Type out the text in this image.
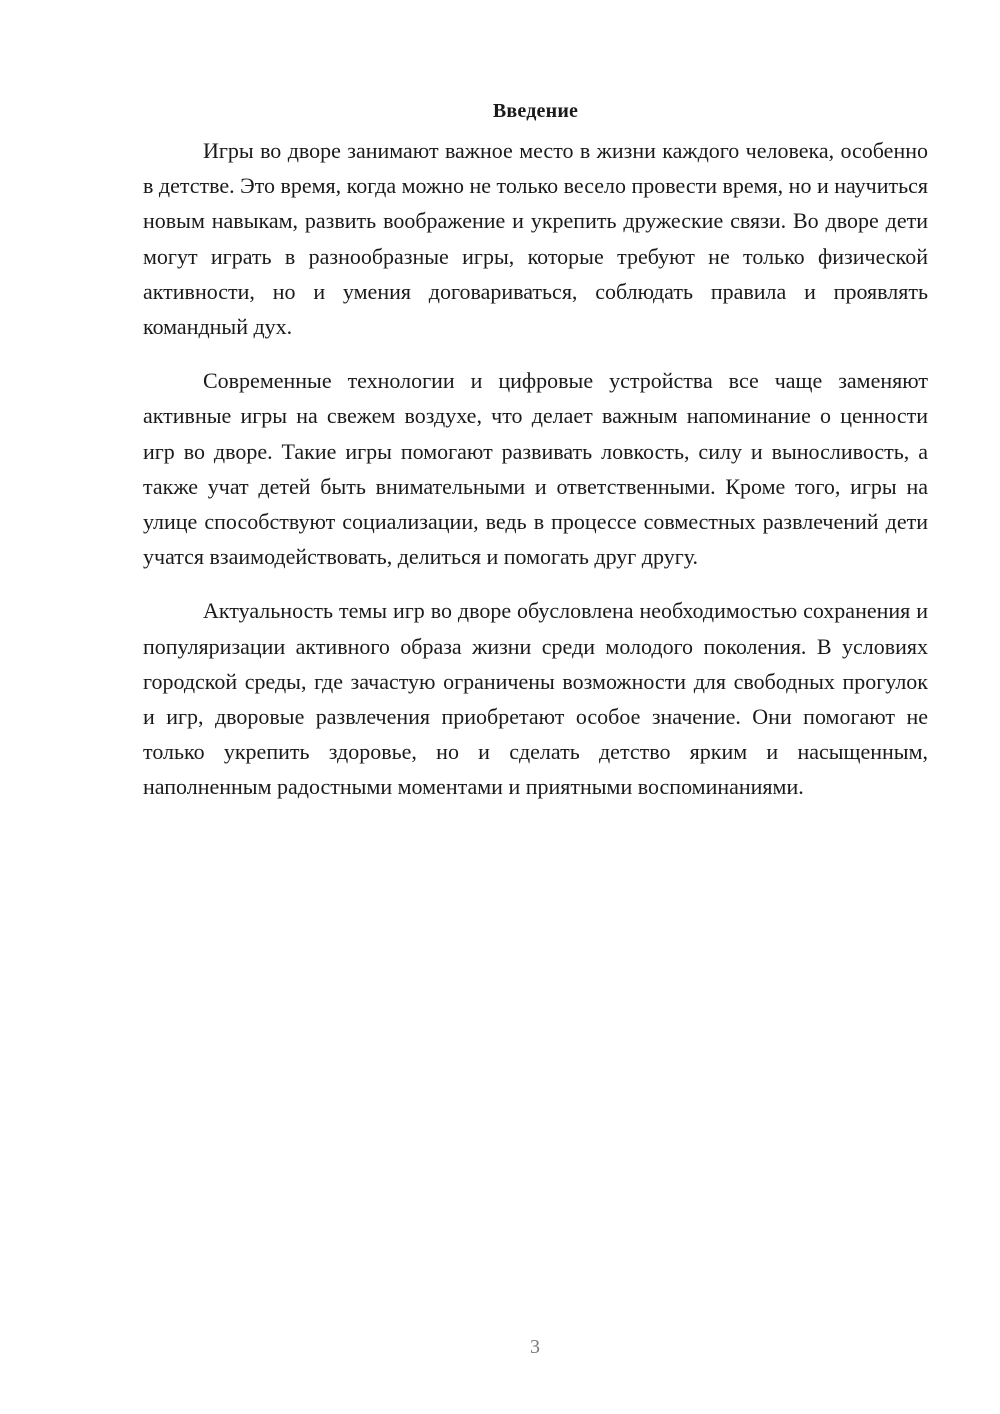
Введение

Игры во дворе занимают важное место в жизни каждого человека, особенно в детстве. Это время, когда можно не только весело провести время, но и научиться новым навыкам, развить воображение и укрепить дружеские связи. Во дворе дети могут играть в разнообразные игры, которые требуют не только физической активности, но и умения договариваться, соблюдать правила и проявлять командный дух.

Современные технологии и цифровые устройства все чаще заменяют активные игры на свежем воздухе, что делает важным напоминание о ценности игр во дворе. Такие игры помогают развивать ловкость, силу и выносливость, а также учат детей быть внимательными и ответственными. Кроме того, игры на улице способствуют социализации, ведь в процессе совместных развлечений дети учатся взаимодействовать, делиться и помогать друг другу.

Актуальность темы игр во дворе обусловлена необходимостью сохранения и популяризации активного образа жизни среди молодого поколения. В условиях городской среды, где зачастую ограничены возможности для свободных прогулок и игр, дворовые развлечения приобретают особое значение. Они помогают не только укрепить здоровье, но и сделать детство ярким и насыщенным, наполненным радостными моментами и приятными воспоминаниями.

3
